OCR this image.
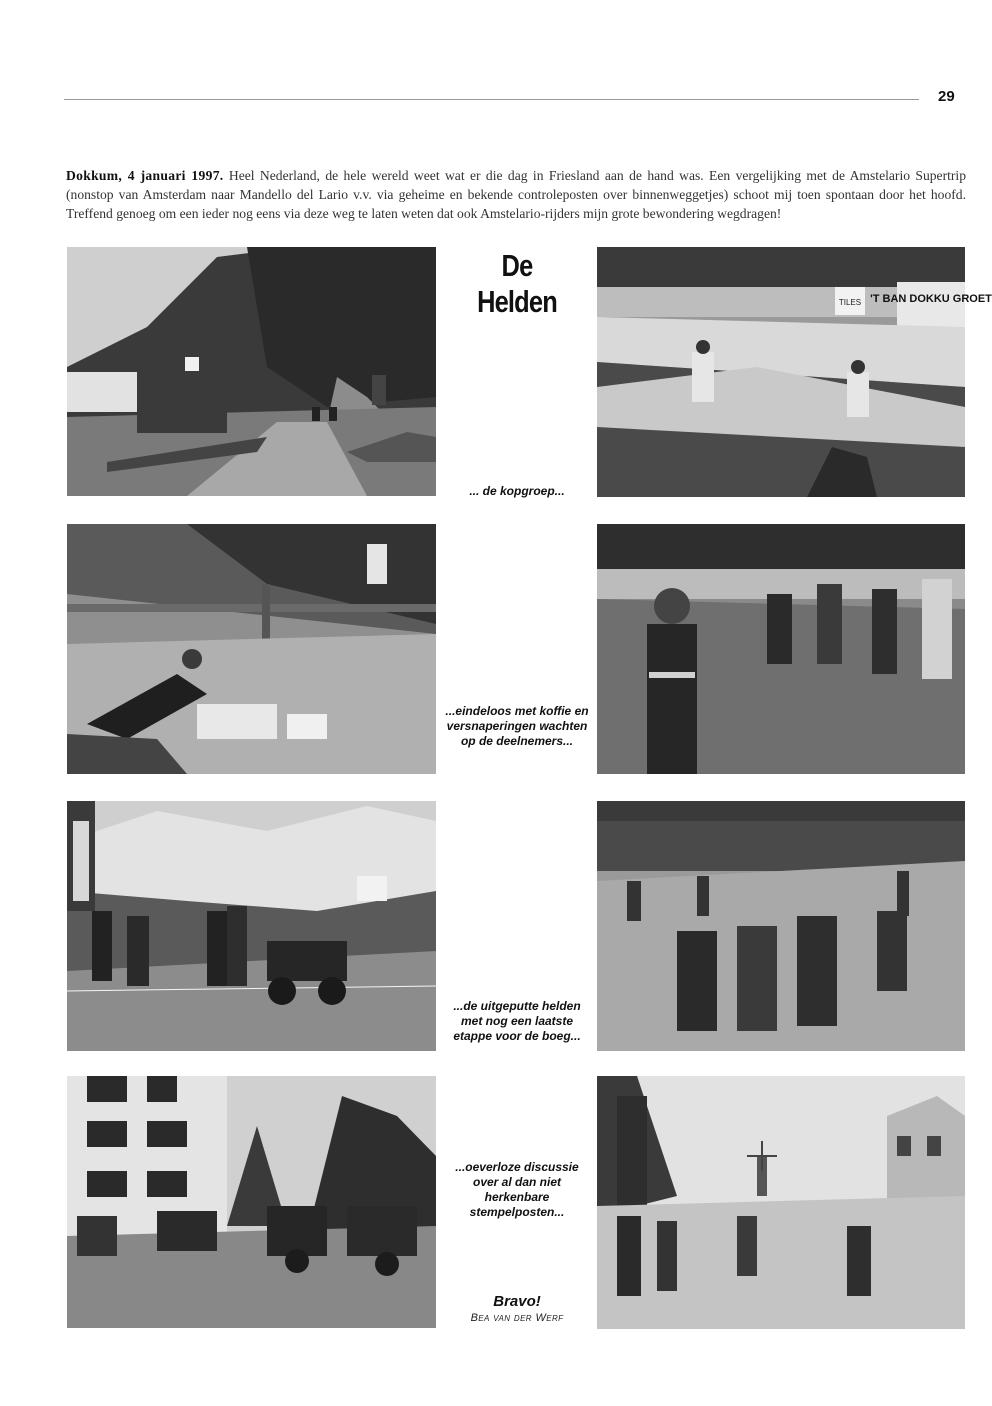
29

Dokkum, 4 januari 1997. Heel Nederland, de hele wereld weet wat er die dag in Friesland aan de hand was. Een vergelijking met de Amstelario Supertrip (nonstop van Amsterdam naar Mandello del Lario v.v. via geheime en bekende controleposten over binnenweggetjes) schoot mij toen spontaan door het hoofd. Treffend genoeg om een ieder nog eens via deze weg te laten weten dat ook Amstelario-rijders mijn grote bewondering wegdragen!

De Helden	'T BAN DOKKU GROET
TILES
... de kopgroep...
...eindeloos met koffie en versnaperingen wachten op de deelnemers...
...de uitgeputte helden met nog een laatste etappe voor de boeg...
...oeverloze discussie over al dan niet herkenbare stempelposten...
Bravo!
Bea van der Werf
